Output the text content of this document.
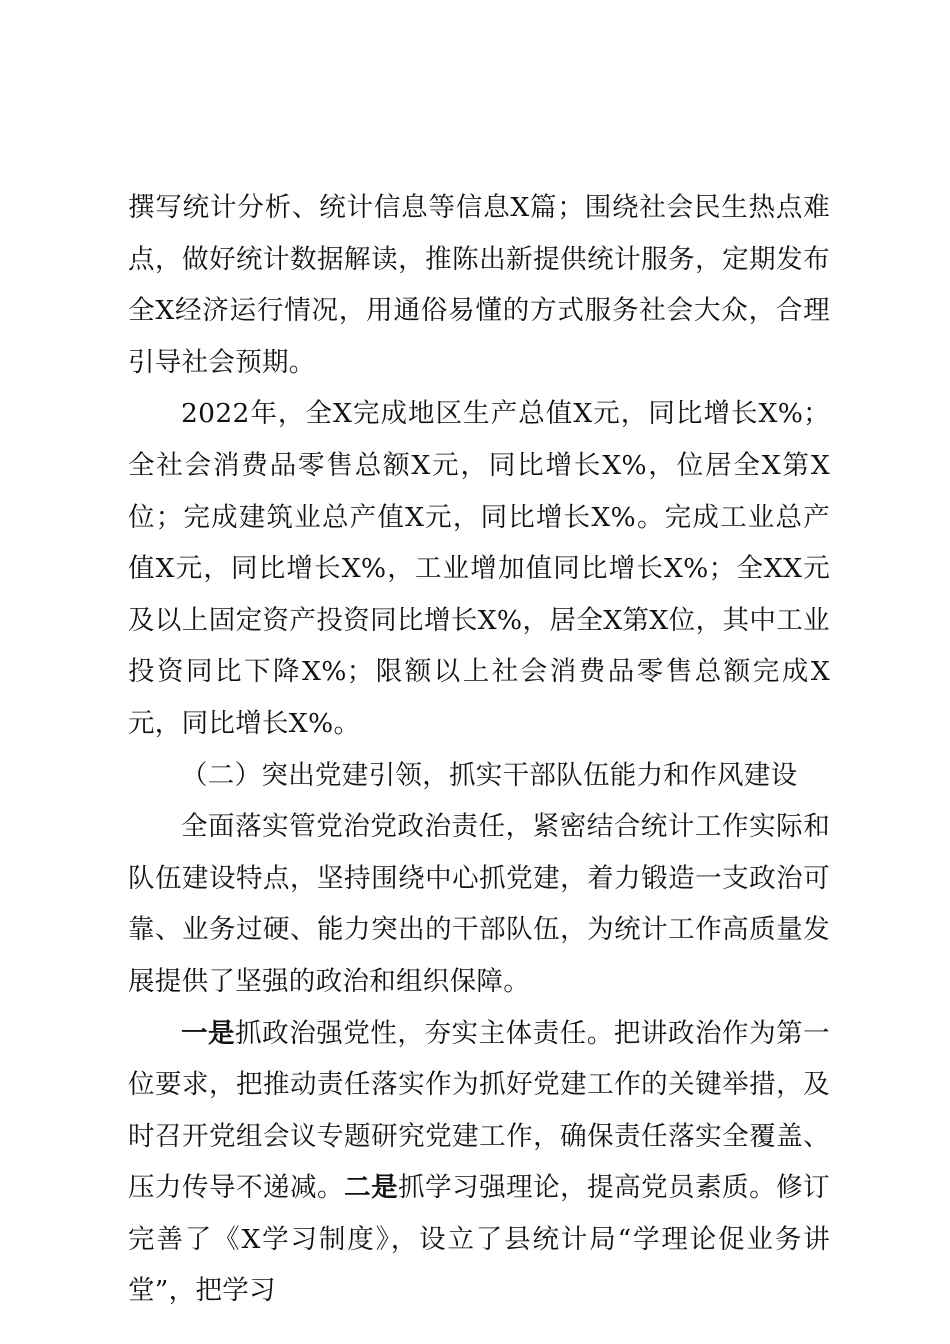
撰写统计分析、统计信息等信息X篇；围绕社会民生热点难点，做好统计数据解读，推陈出新提供统计服务，定期发布全X经济运行情况，用通俗易懂的方式服务社会大众，合理引导社会预期。

2022年，全X完成地区生产总值X元，同比增长X%；全社会消费品零售总额X元，同比增长X%，位居全X第X位；完成建筑业总产值X元，同比增长X%。完成工业总产值X元，同比增长X%，工业增加值同比增长X%；全XX元及以上固定资产投资同比增长X%，居全X第X位，其中工业投资同比下降X%；限额以上社会消费品零售总额完成X元，同比增长X%。

（二）突出党建引领，抓实干部队伍能力和作风建设

全面落实管党治党政治责任，紧密结合统计工作实际和队伍建设特点，坚持围绕中心抓党建，着力锻造一支政治可靠、业务过硬、能力突出的干部队伍，为统计工作高质量发展提供了坚强的政治和组织保障。

一是抓政治强党性，夯实主体责任。把讲政治作为第一位要求，把推动责任落实作为抓好党建工作的关键举措，及时召开党组会议专题研究党建工作，确保责任落实全覆盖、压力传导不递减。二是抓学习强理论，提高党员素质。修订完善了《X学习制度》，设立了县统计局“学理论促业务讲堂”，把学习
